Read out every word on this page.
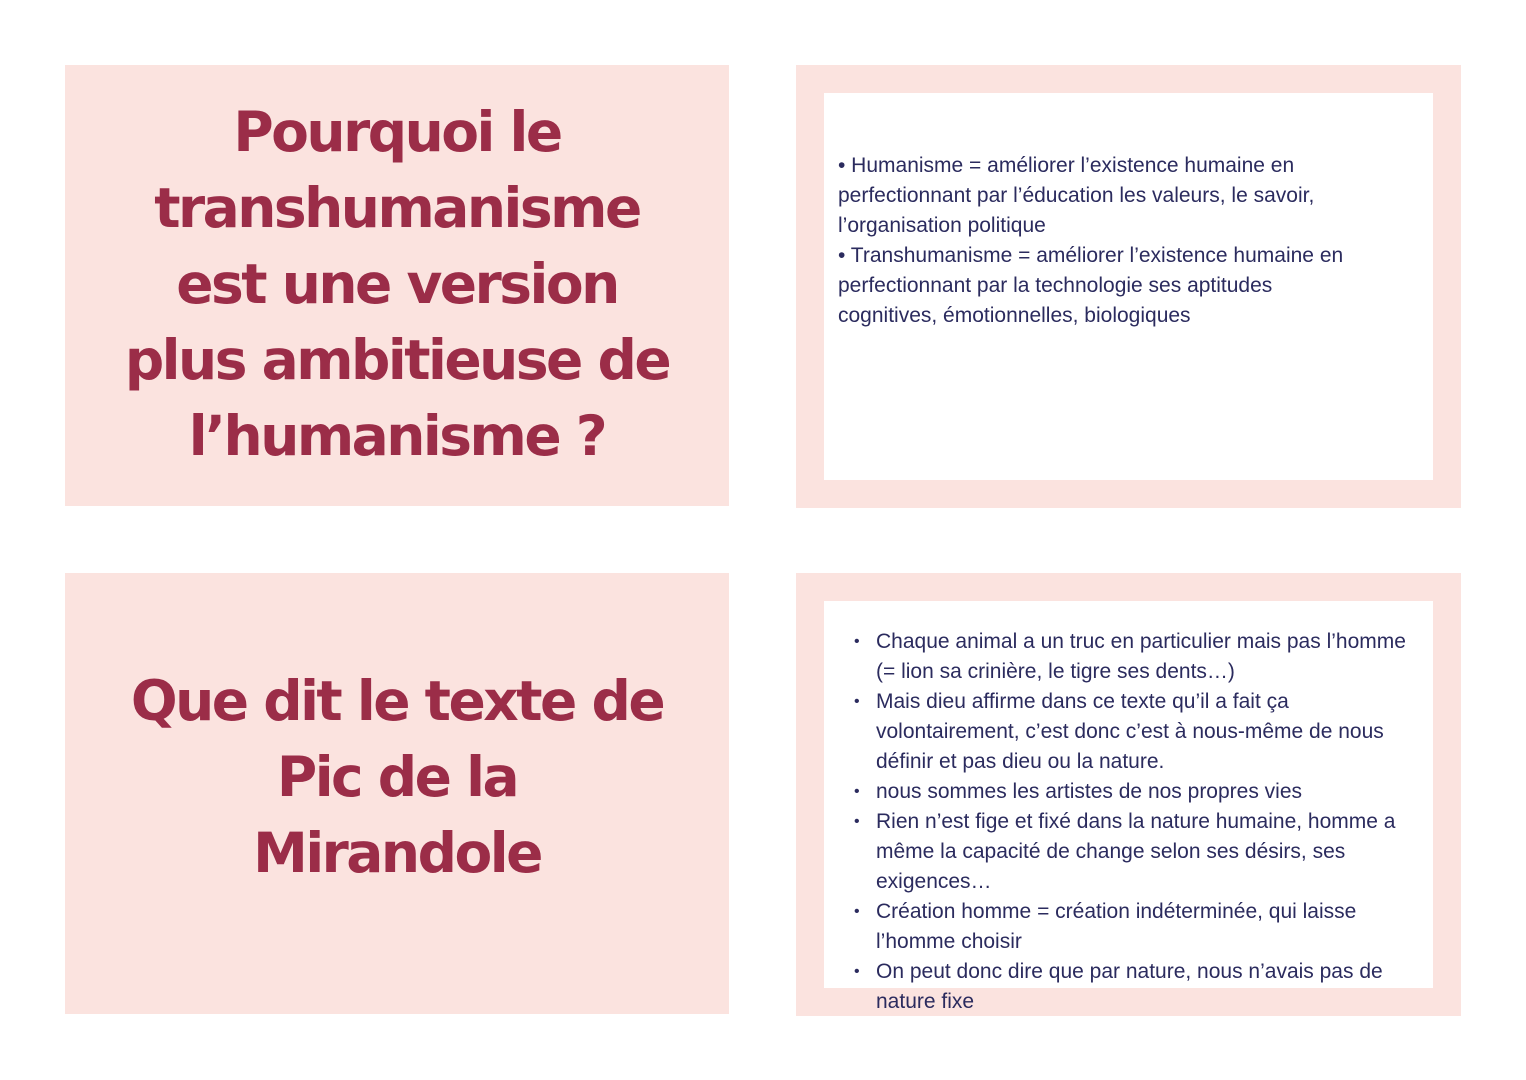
Pourquoi le
transhumanisme
est une version
plus ambitieuse de
l’humanisme ?

• Humanisme = améliorer l’existence humaine en

perfectionnant par l’éducation les valeurs, le savoir,

l’organisation politique

• Transhumanisme = améliorer l’existence humaine en

perfectionnant par la technologie ses aptitudes

cognitives, émotionnelles, biologiques

Que dit le texte de
Pic de la
Mirandole

• Chaque animal a un truc en particulier mais pas l’homme (= lion sa crinière, le tigre ses dents…)
• Mais dieu affirme dans ce texte qu’il a fait ça volontairement, c’est donc c’est à nous-même de nous définir et pas dieu ou la nature.
• nous sommes les artistes de nos propres vies
• Rien n’est fige et fixé dans la nature humaine, homme a même la capacité de change selon ses désirs, ses exigences…
• Création homme = création indéterminée, qui laisse l’homme choisir
• On peut donc dire que par nature, nous n’avais pas de nature fixe
